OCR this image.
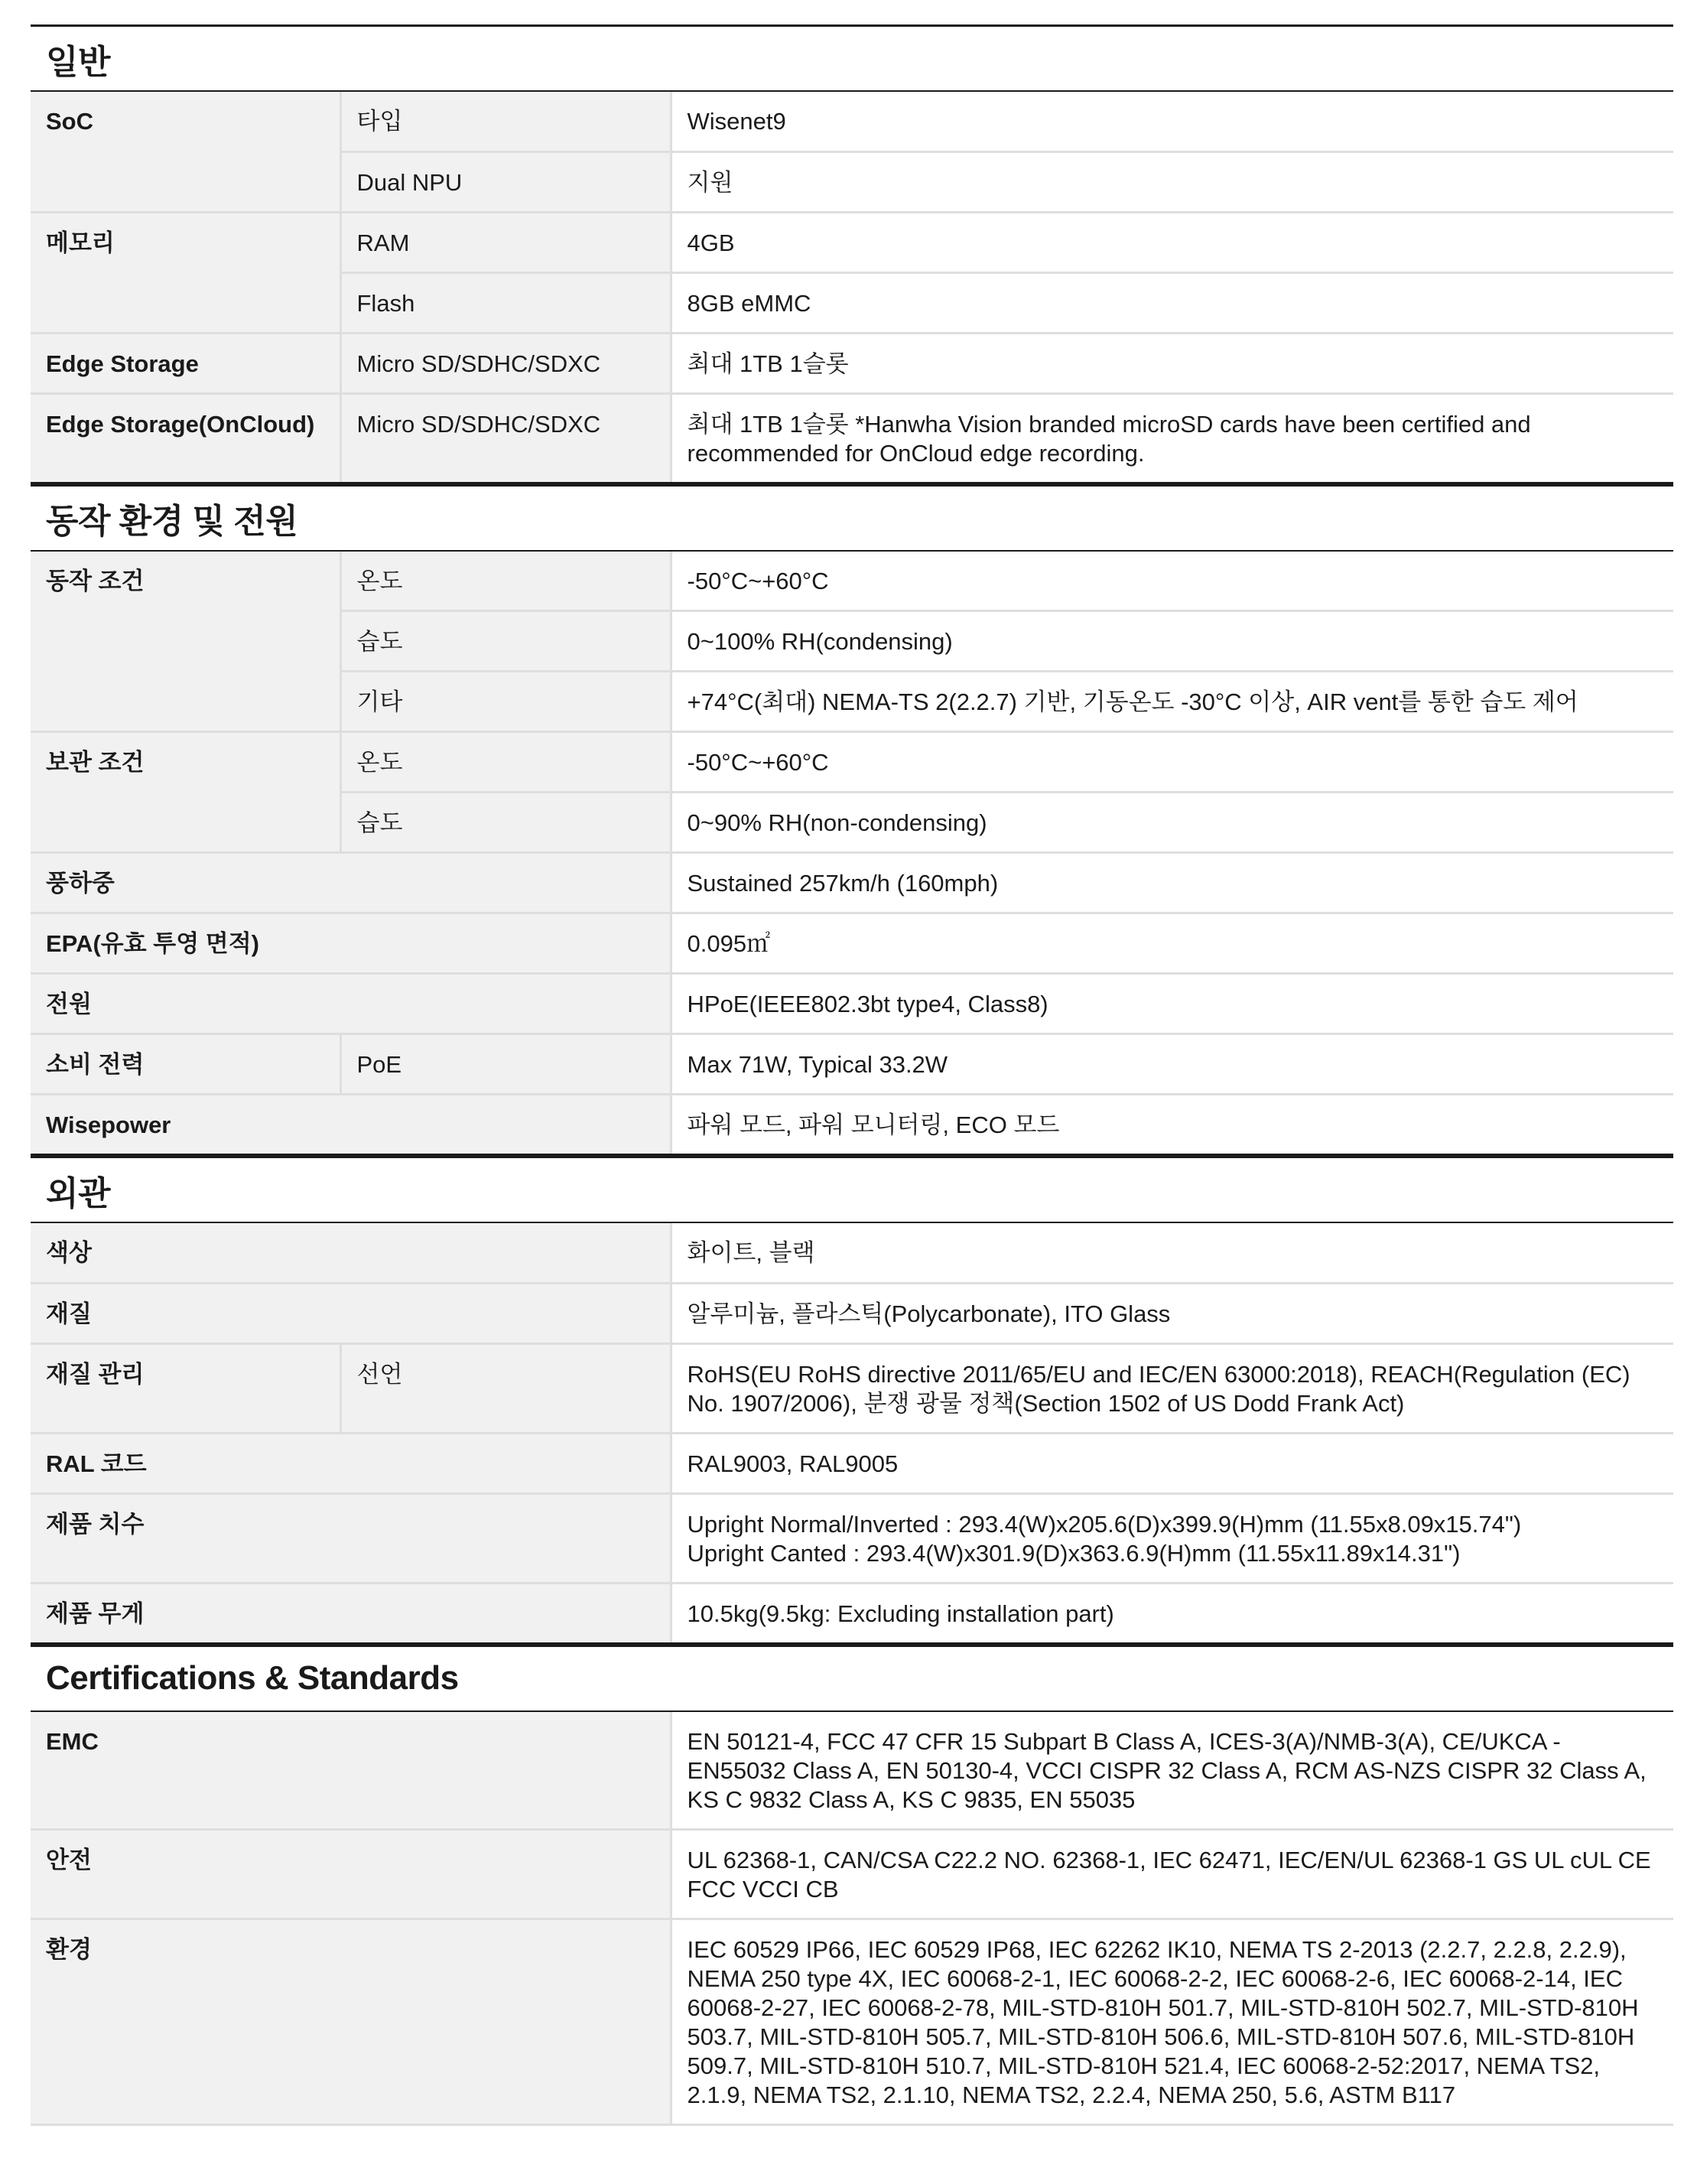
일반
SoC	타입	Wisenet9
	Dual NPU	지원
메모리	RAM	4GB
	Flash	8GB eMMC
Edge Storage	Micro SD/SDHC/SDXC	최대 1TB 1슬롯
Edge Storage(OnCloud)	Micro SD/SDHC/SDXC	최대 1TB 1슬롯 *Hanwha Vision branded microSD cards have been certified and recommended for OnCloud edge recording.
동작 환경 및 전원
동작 조건	온도	-50°C~+60°C
	습도	0~100% RH(condensing)
	기타	+74°C(최대) NEMA-TS 2(2.2.7) 기반, 기동온도 -30°C 이상, AIR vent를 통한 습도 제어
보관 조건	온도	-50°C~+60°C
	습도	0~90% RH(non-condensing)
풍하중		Sustained 257km/h (160mph)
EPA(유효 투영 면적)		0.095㎡
전원		HPoE(IEEE802.3bt type4, Class8)
소비 전력	PoE	Max 71W, Typical 33.2W
Wisepower		파워 모드, 파워 모니터링, ECO 모드
외관
색상		화이트, 블랙
재질		알루미늄, 플라스틱(Polycarbonate), ITO Glass
재질 관리	선언	RoHS(EU RoHS directive 2011/65/EU and IEC/EN 63000:2018), REACH(Regulation (EC) No. 1907/2006), 분쟁 광물 정책(Section 1502 of US Dodd Frank Act)
RAL 코드		RAL9003, RAL9005
제품 치수		Upright Normal/Inverted : 293.4(W)x205.6(D)x399.9(H)mm (11.55x8.09x15.74")
Upright Canted : 293.4(W)x301.9(D)x363.6.9(H)mm (11.55x11.89x14.31")
제품 무게		10.5kg(9.5kg: Excluding installation part)
Certifications & Standards
EMC	EN 50121-4, FCC 47 CFR 15 Subpart B Class A, ICES-3(A)/NMB-3(A), CE/UKCA - EN55032 Class A, EN 50130-4, VCCI CISPR 32 Class A, RCM AS-NZS CISPR 32 Class A, KS C 9832 Class A, KS C 9835, EN 55035
안전	UL 62368-1, CAN/CSA C22.2 NO. 62368-1, IEC 62471, IEC/EN/UL 62368-1 GS UL cUL CE FCC VCCI CB
환경	IEC 60529 IP66, IEC 60529 IP68, IEC 62262 IK10, NEMA TS 2-2013 (2.2.7, 2.2.8, 2.2.9), NEMA 250 type 4X, IEC 60068-2-1, IEC 60068-2-2, IEC 60068-2-6, IEC 60068-2-14, IEC 60068-2-27, IEC 60068-2-78, MIL-STD-810H 501.7, MIL-STD-810H 502.7, MIL-STD-810H 503.7, MIL-STD-810H 505.7, MIL-STD-810H 506.6, MIL-STD-810H 507.6, MIL-STD-810H 509.7, MIL-STD-810H 510.7, MIL-STD-810H 521.4, IEC 60068-2-52:2017, NEMA TS2, 2.1.9, NEMA TS2, 2.1.10, NEMA TS2, 2.2.4, NEMA 250, 5.6, ASTM B117
